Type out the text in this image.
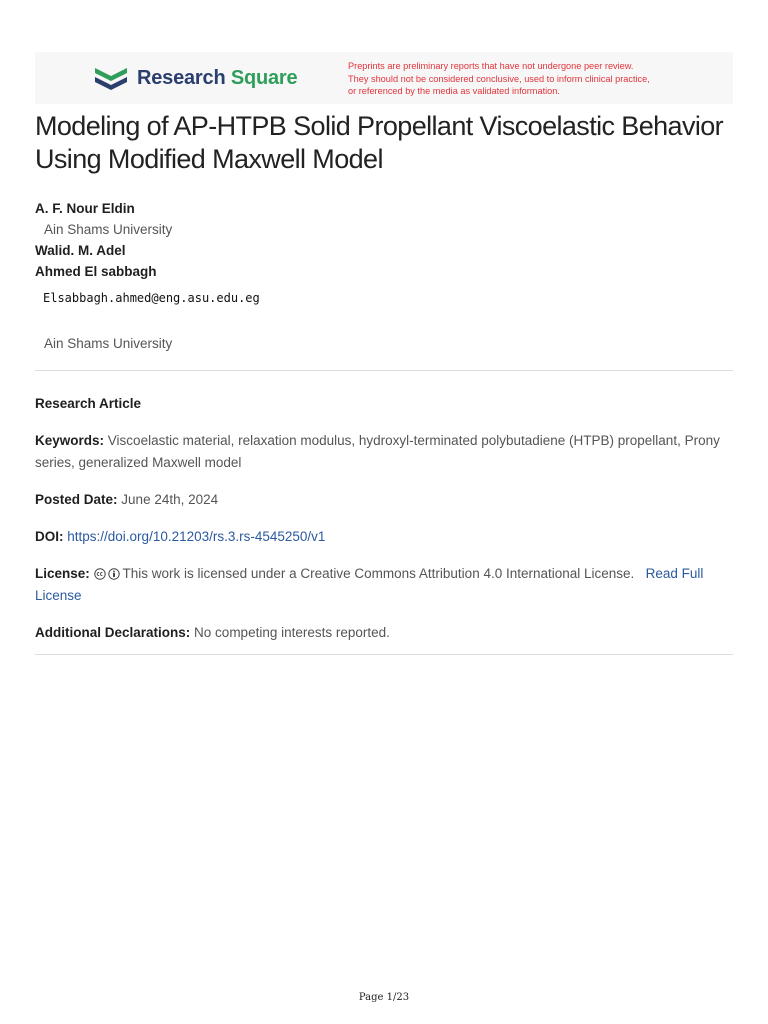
Research Square
Preprints are preliminary reports that have not undergone peer review.
They should not be considered conclusive, used to inform clinical practice,
or referenced by the media as validated information.
Modeling of AP-HTPB Solid Propellant Viscoelastic Behavior Using Modified Maxwell Model
A. F. Nour Eldin
Ain Shams University
Walid. M. Adel
Ahmed El sabbagh
Elsabbagh.ahmed@eng.asu.edu.eg
Ain Shams University
Research Article
Keywords: Viscoelastic material, relaxation modulus, hydroxyl-terminated polybutadiene (HTPB) propellant, Prony series, generalized Maxwell model
Posted Date: June 24th, 2024
DOI: https://doi.org/10.21203/rs.3.rs-4545250/v1
License: This work is licensed under a Creative Commons Attribution 4.0 International License. Read Full License
Additional Declarations: No competing interests reported.
Page 1/23
